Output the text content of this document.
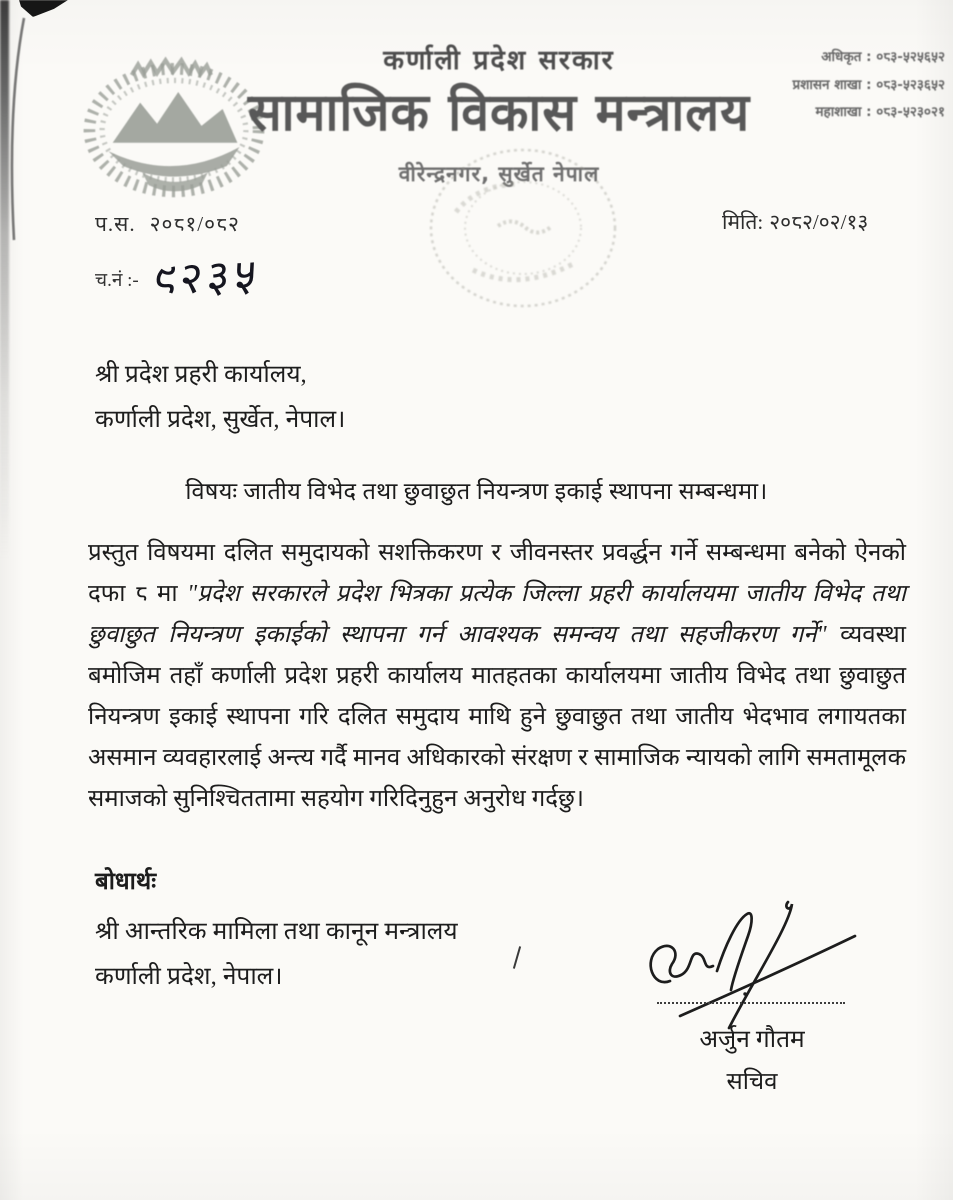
कर्णाली प्रदेश सरकार
सामाजिक विकास मन्त्रालय
वीरेन्द्रनगर, सुर्खेत नेपाल
अधिकृत : ०८३-५२५६५२
प्रशासन शाखा : ०८३-५२३६५२
महाशाखा : ०८३-५२३०२१
प.स. २०८१/०८२	मिति: २०८२/०२/१३
च.नं :- ९२३५
श्री प्रदेश प्रहरी कार्यालय,
कर्णाली प्रदेश, सुर्खेत, नेपाल।
विषयः जातीय विभेद तथा छुवाछुत नियन्त्रण इकाई स्थापना सम्बन्धमा।
प्रस्तुत विषयमा दलित समुदायको सशक्तिकरण र जीवनस्तर प्रवर्द्धन गर्ने सम्बन्धमा बनेको ऐनको दफा ८ मा "प्रदेश सरकारले प्रदेश भित्रका प्रत्येक जिल्ला प्रहरी कार्यालयमा जातीय विभेद तथा छुवाछुत नियन्त्रण इकाईको स्थापना गर्न आवश्यक समन्वय तथा सहजीकरण गर्ने" व्यवस्था बमोजिम तहाँ कर्णाली प्रदेश प्रहरी कार्यालय मातहतका कार्यालयमा जातीय विभेद तथा छुवाछुत नियन्त्रण इकाई स्थापना गरि दलित समुदाय माथि हुने छुवाछुत तथा जातीय भेदभाव लगायतका असमान व्यवहारलाई अन्त्य गर्दै मानव अधिकारको संरक्षण र सामाजिक न्यायको लागि समतामूलक समाजको सुनिश्चिततामा सहयोग गरिदिनुहुन अनुरोध गर्दछु।
बोधार्थः
श्री आन्तरिक मामिला तथा कानून मन्त्रालय
कर्णाली प्रदेश, नेपाल।
अर्जुन गौतम
सचिव
